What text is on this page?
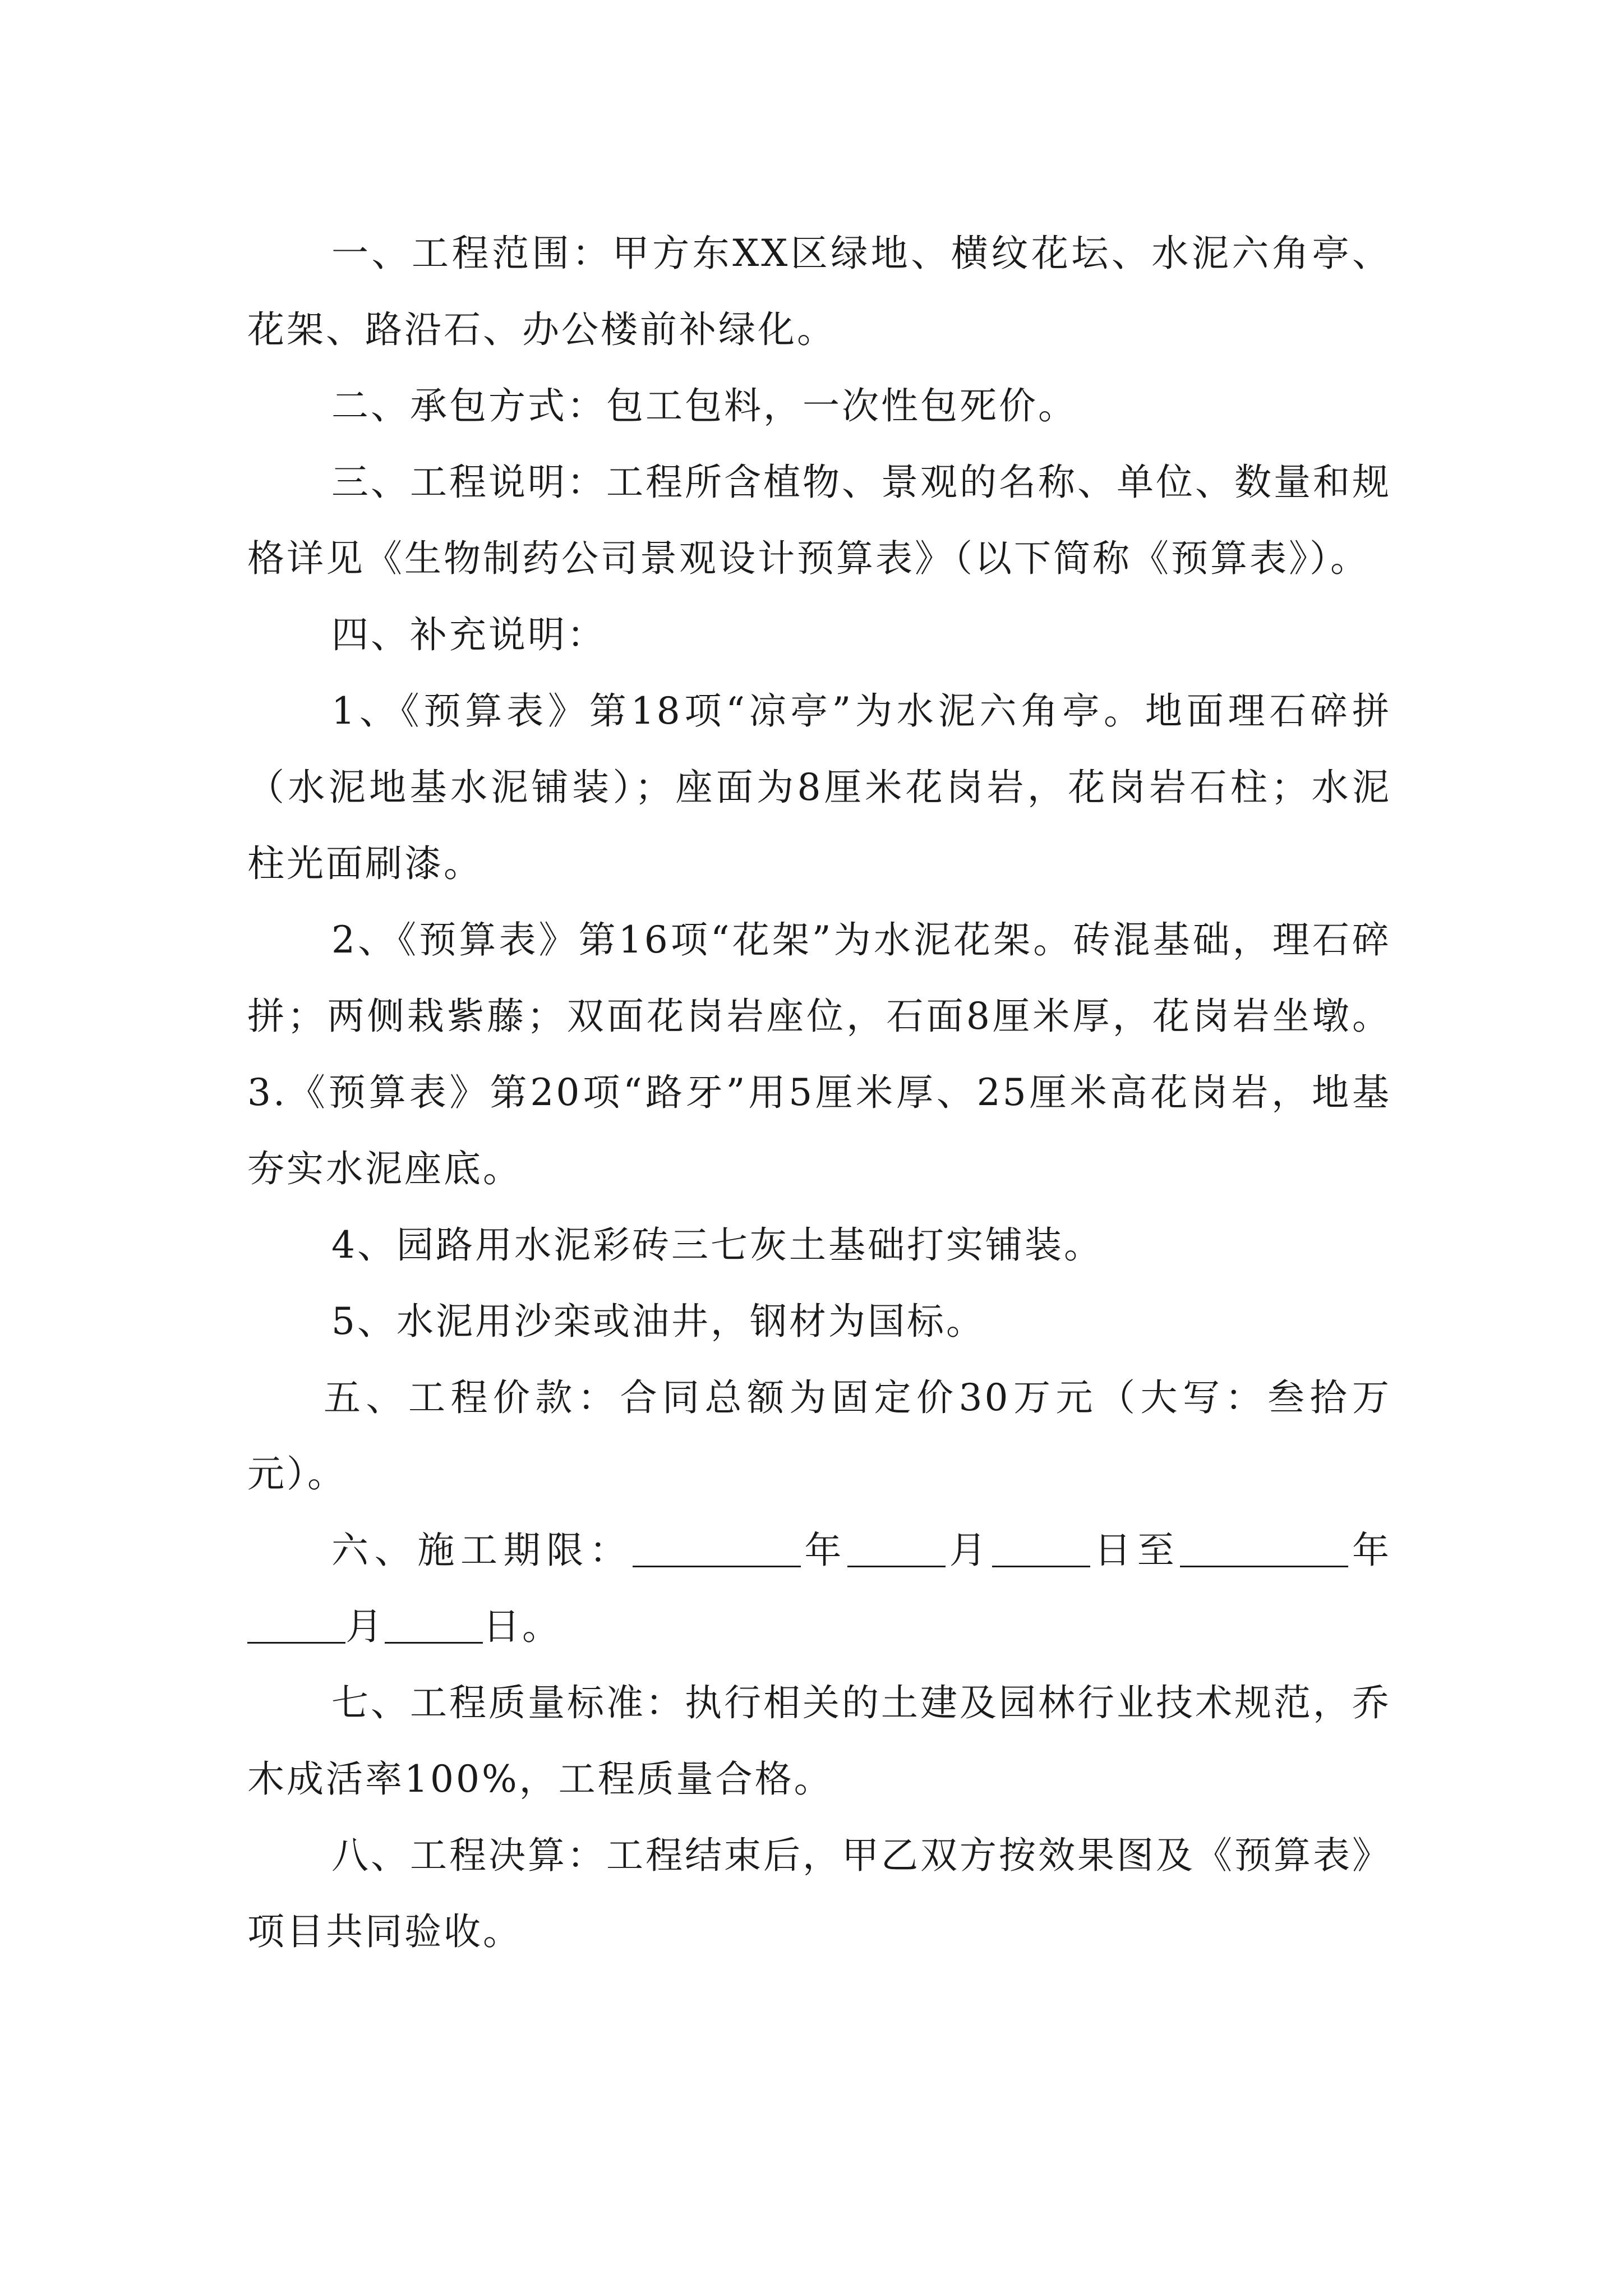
一、工程范围：甲方东XX区绿地、横纹花坛、水泥六角亭、花架、路沿石、办公楼前补绿化。

二、承包方式：包工包料，一次性包死价。

三、工程说明：工程所含植物、景观的名称、单位、数量和规格详见《生物制药公司景观设计预算表》（以下简称《预算表》）。

四、补充说明：

1、《预算表》第18项“凉亭”为水泥六角亭。地面理石碎拼（水泥地基水泥铺装）；座面为8厘米花岗岩，花岗岩石柱；水泥柱光面刷漆。

2、《预算表》第16项“花架”为水泥花架。砖混基础，理石碎拼；两侧栽紫藤；双面花岗岩座位，石面8厘米厚，花岗岩坐墩。3.《预算表》第20项“路牙”用5厘米厚、25厘米高花岗岩，地基夯实水泥座底。

4、园路用水泥彩砖三七灰土基础打实铺装。

5、水泥用沙栾或油井，钢材为国标。

五、工程价款：合同总额为固定价30万元（大写：叁拾万元）。

六、施工期限：	年	月	日至	年月	日。

七、工程质量标准：执行相关的土建及园林行业技术规范，乔木成活率100%，工程质量合格。

八、工程决算：工程结束后，甲乙双方按效果图及《预算表》项目共同验收。
